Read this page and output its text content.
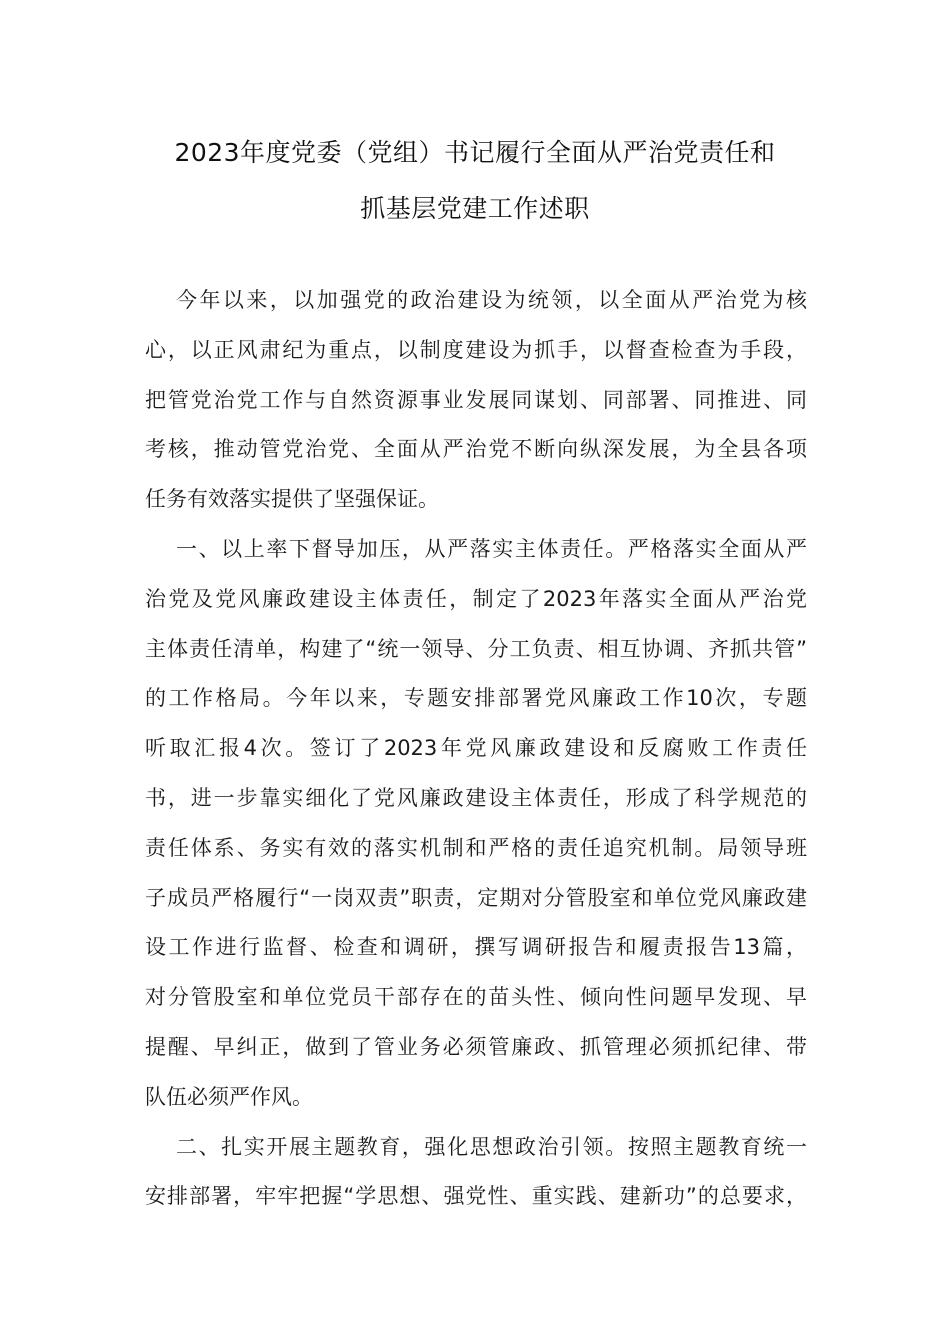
2023年度党委（党组）书记履行全面从严治党责任和
抓基层党建工作述职
今年以来，以加强党的政治建设为统领，以全面从严治党为核
心，以正风肃纪为重点，以制度建设为抓手，以督查检查为手段，
把管党治党工作与自然资源事业发展同谋划、同部署、同推进、同
考核，推动管党治党、全面从严治党不断向纵深发展，为全县各项
任务有效落实提供了坚强保证。
一、以上率下督导加压，从严落实主体责任。严格落实全面从严
治党及党风廉政建设主体责任，制定了2023年落实全面从严治党
主体责任清单，构建了“统一领导、分工负责、相互协调、齐抓共管”
的工作格局。今年以来，专题安排部署党风廉政工作10次，专题
听取汇报4次。签订了2023年党风廉政建设和反腐败工作责任
书，进一步靠实细化了党风廉政建设主体责任，形成了科学规范的
责任体系、务实有效的落实机制和严格的责任追究机制。局领导班
子成员严格履行“一岗双责”职责，定期对分管股室和单位党风廉政建
设工作进行监督、检查和调研，撰写调研报告和履责报告13篇，
对分管股室和单位党员干部存在的苗头性、倾向性问题早发现、早
提醒、早纠正，做到了管业务必须管廉政、抓管理必须抓纪律、带
队伍必须严作风。
二、扎实开展主题教育，强化思想政治引领。按照主题教育统一
安排部署，牢牢把握“学思想、强党性、重实践、建新功”的总要求，
